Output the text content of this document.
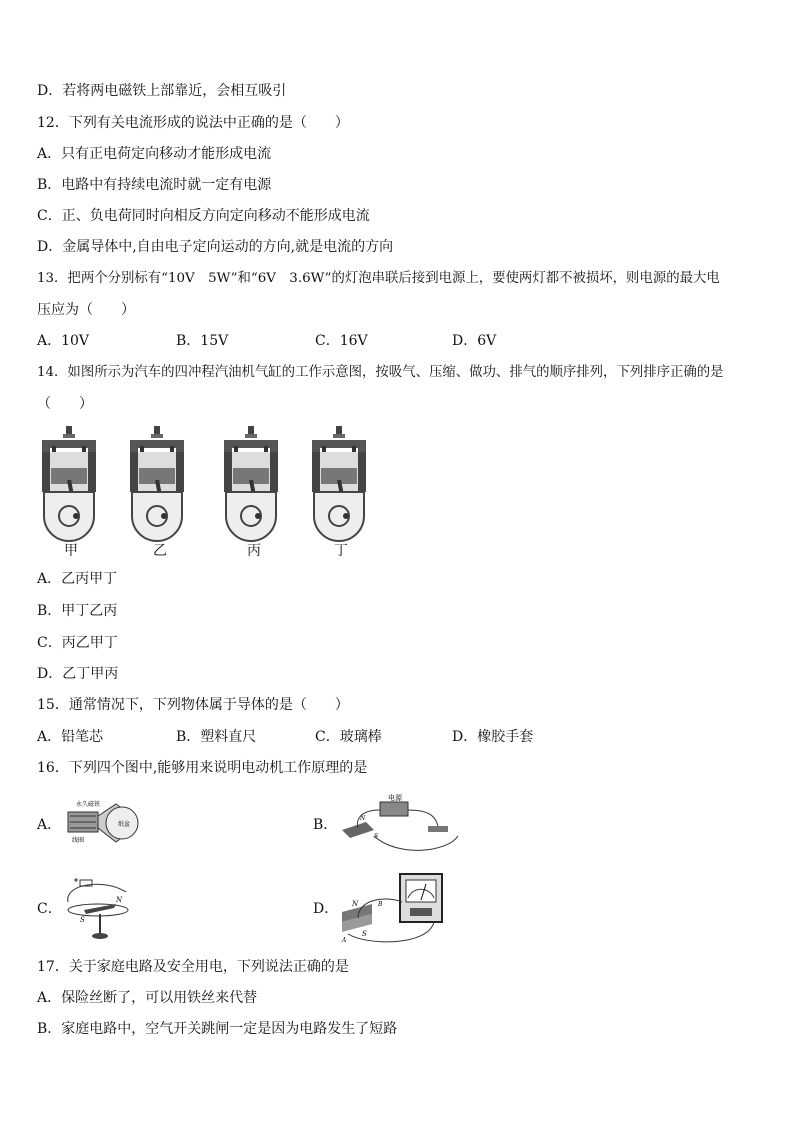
D．若将两电磁铁上部靠近，会相互吸引
12．下列有关电流形成的说法中正确的是（　　）
A．只有正电荷定向移动才能形成电流
B．电路中有持续电流时就一定有电源
C．正、负电荷同时向相反方向定向移动不能形成电流
D．金属导体中,自由电子定向运动的方向,就是电流的方向
13．把两个分别标有“10V　5W”和“6V　3.6W”的灯泡串联后接到电源上，要使两灯都不被损坏，则电源的最大电
压应为（　　）
A．10V	B．15V	C．16V	D．6V
14．如图所示为汽车的四冲程汽油机气缸的工作示意图，按吸气、压缩、做功、排气的顺序排列，下列排序正确的是
（　　）
甲	乙	丙	丁
A．乙丙甲丁
B．甲丁乙丙
C．丙乙甲丁
D．乙丁甲丙
15．通常情况下，下列物体属于导体的是（　　）
A．铅笔芯	B．塑料直尺	C．玻璃棒	D．橡胶手套
16．下列四个图中,能够用来说明电动机工作原理的是
A．
永久磁铁
线圈
纸盆	B．
电源
N
S
C．
S
N
D． N
S
A
B
17．关于家庭电路及安全用电，下列说法正确的是
A．保险丝断了，可以用铁丝来代替
B．家庭电路中，空气开关跳闸一定是因为电路发生了短路
